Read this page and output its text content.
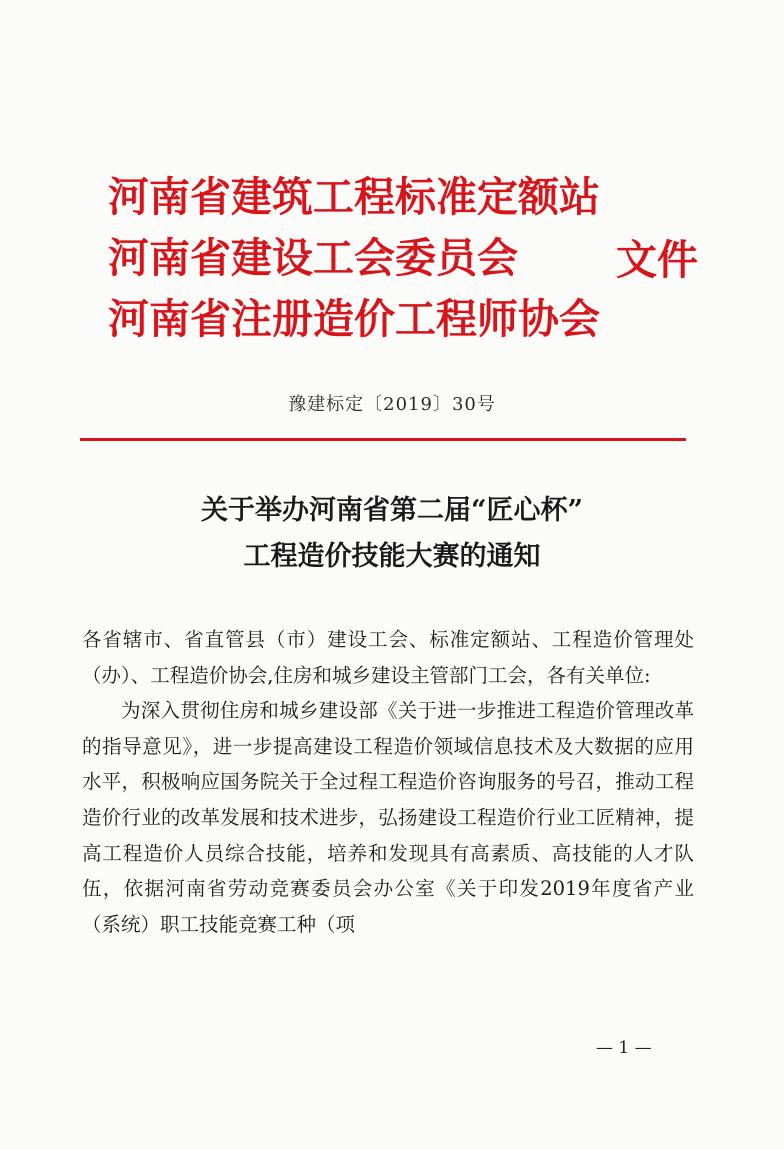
河南省建筑工程标准定额站
河南省建设工会委员会
河南省注册造价工程师协会
文件
豫建标定〔2019〕30号
关于举办河南省第二届“匠心杯”
工程造价技能大赛的通知

各省辖市、省直管县（市）建设工会、标准定额站、工程造价管理处（办）、工程造价协会,住房和城乡建设主管部门工会，各有关单位:

为深入贯彻住房和城乡建设部《关于进一步推进工程造价管理改革的指导意见》，进一步提高建设工程造价领域信息技术及大数据的应用水平，积极响应国务院关于全过程工程造价咨询服务的号召，推动工程造价行业的改革发展和技术进步，弘扬建设工程造价行业工匠精神，提高工程造价人员综合技能，培养和发现具有高素质、高技能的人才队伍，依据河南省劳动竞赛委员会办公室《关于印发2019年度省产业（系统）职工技能竞赛工种（项

— 1 —
